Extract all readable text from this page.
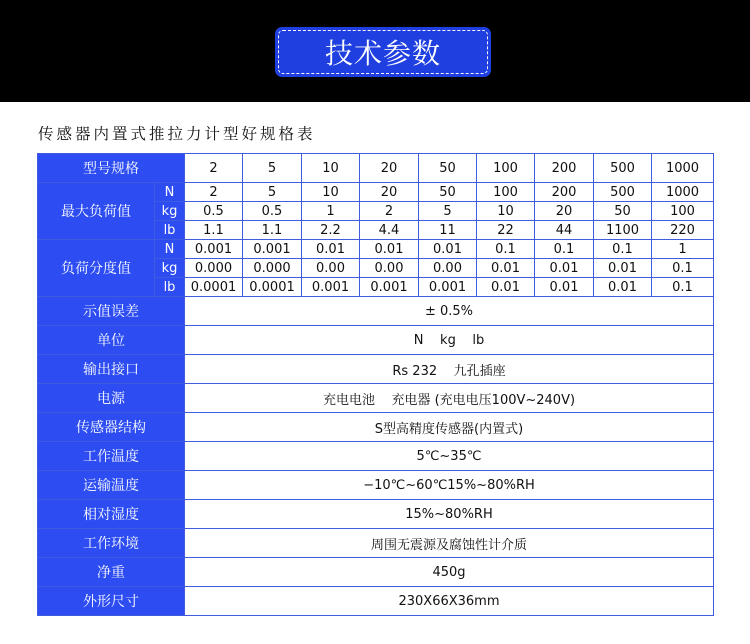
技术参数
传感器内置式推拉力计型好规格表
型号规格		2	5	10	20	50	100	200	500	1000
最大负荷值	N	2	5	10	20	50	100	200	500	1000
	kg	0.5	0.5	1	2	5	10	20	50	100
	lb	1.1	1.1	2.2	4.4	11	22	44	1100	220
负荷分度值	N	0.001	0.001	0.01	0.01	0.01	0.1	0.1	0.1	1
	kg	0.000	0.000	0.00	0.00	0.00	0.01	0.01	0.01	0.1
	lb	0.0001	0.0001	0.001	0.001	0.001	0.01	0.01	0.01	0.1
示值误差		± 0.5%								
单位		N    kg    lb								
输出接口		Rs 232    九孔插座								
电源		充电电池    充电器 (充电电压100V~240V)								
传感器结构		S型高精度传感器(内置式)								
工作温度		5℃~35℃								
运输温度		−10℃~60℃15%~80%RH								
相对湿度		15%~80%RH								
工作环境		周围无震源及腐蚀性计介质								
净重		450g								
外形尺寸		230X66X36mm								
